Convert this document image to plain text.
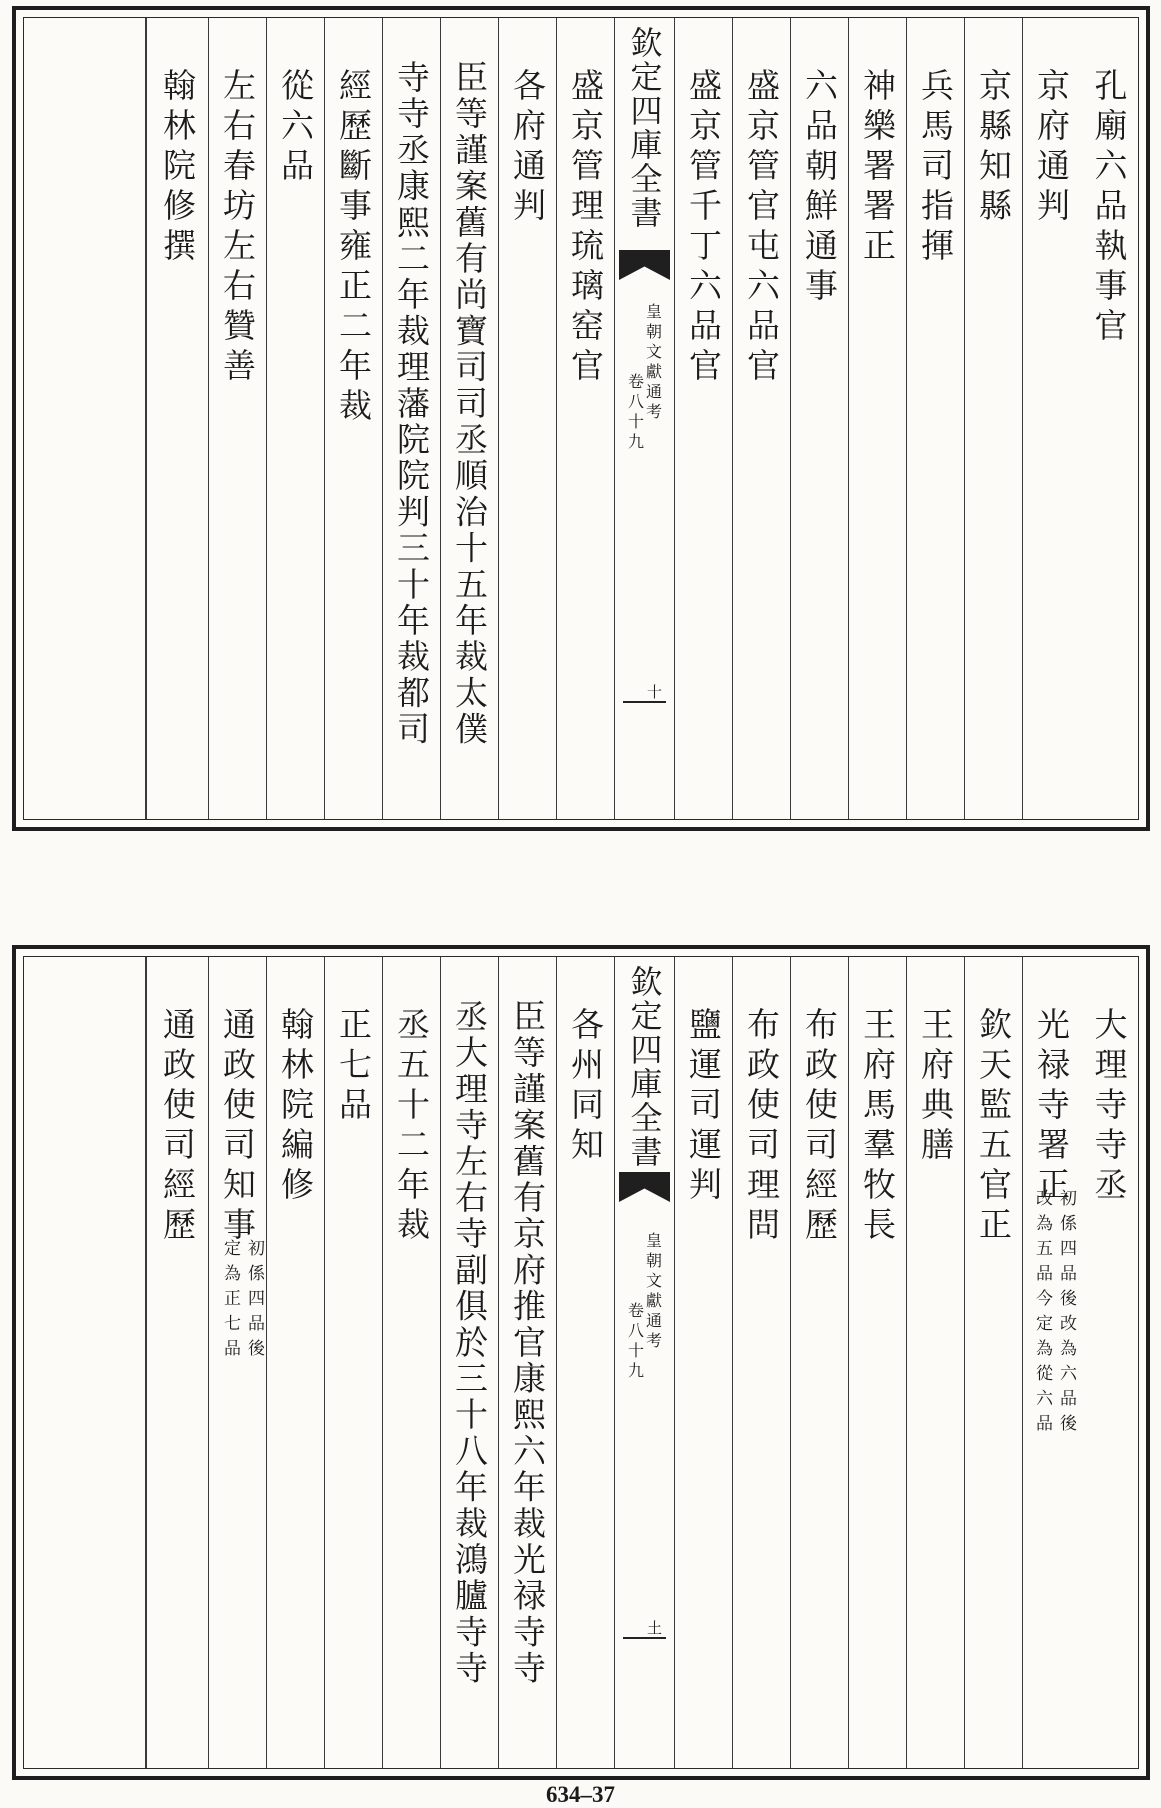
孔廟六品執事官
京府通判
京縣知縣
兵馬司指揮
神樂署署正
六品朝鮮通事
盛京管官屯六品官
盛京管千丁六品官
欽定四庫全書
皇朝文獻通考
卷八十九
十
盛京管理琉璃窑官
各府通判
臣等謹案舊有尚寶司司丞順治十五年裁太僕
寺寺丞康熙二年裁理藩院院判三十年裁都司
經歷斷事雍正二年裁
從六品
左右春坊左右贊善
翰林院修撰
大理寺寺丞
光禄寺署正
初係四品後改為六品後
改為五品今定為從六品
欽天監五官正
王府典膳
王府馬羣牧長
布政使司經歷
布政使司理問
鹽運司運判
欽定四庫全書
皇朝文獻通考
卷八十九
土
各州同知
臣等謹案舊有京府推官康熙六年裁光禄寺寺
丞大理寺左右寺副俱於三十八年裁鴻臚寺寺
丞五十二年裁
正七品
翰林院編修
通政使司知事
初係四品後
定為正七品
通政使司經歷
634–37
